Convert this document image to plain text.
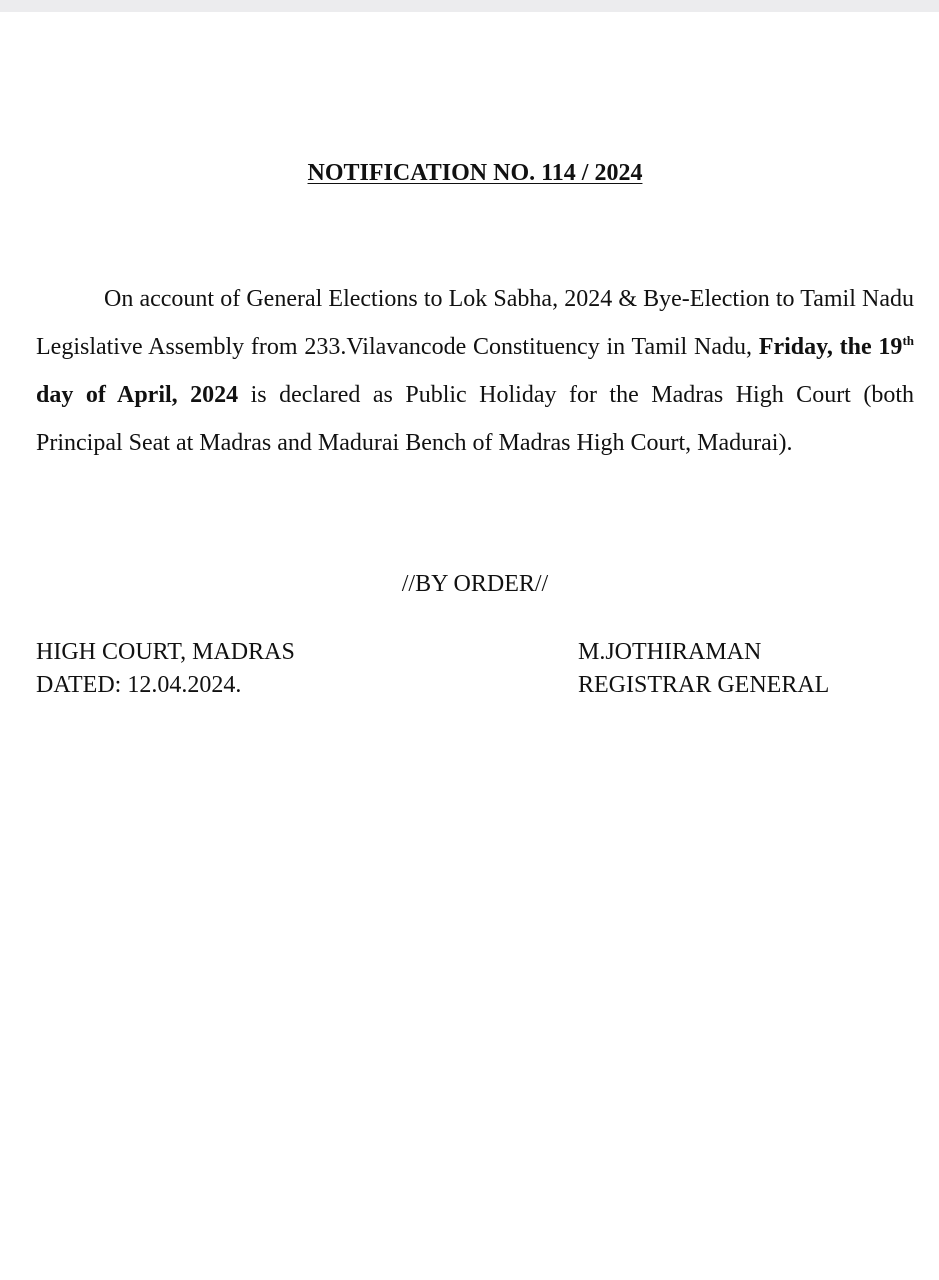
NOTIFICATION NO. 114 / 2024

On account of General Elections to Lok Sabha, 2024 & Bye-Election to Tamil Nadu Legislative Assembly from 233.Vilavancode Constituency in Tamil Nadu, Friday, the 19th day of April, 2024 is declared as Public Holiday for the Madras High Court (both Principal Seat at Madras and Madurai Bench of Madras High Court, Madurai).

//BY ORDER//
HIGH COURT, MADRAS
DATED: 12.04.2024.
M.JOTHIRAMAN
REGISTRAR GENERAL
